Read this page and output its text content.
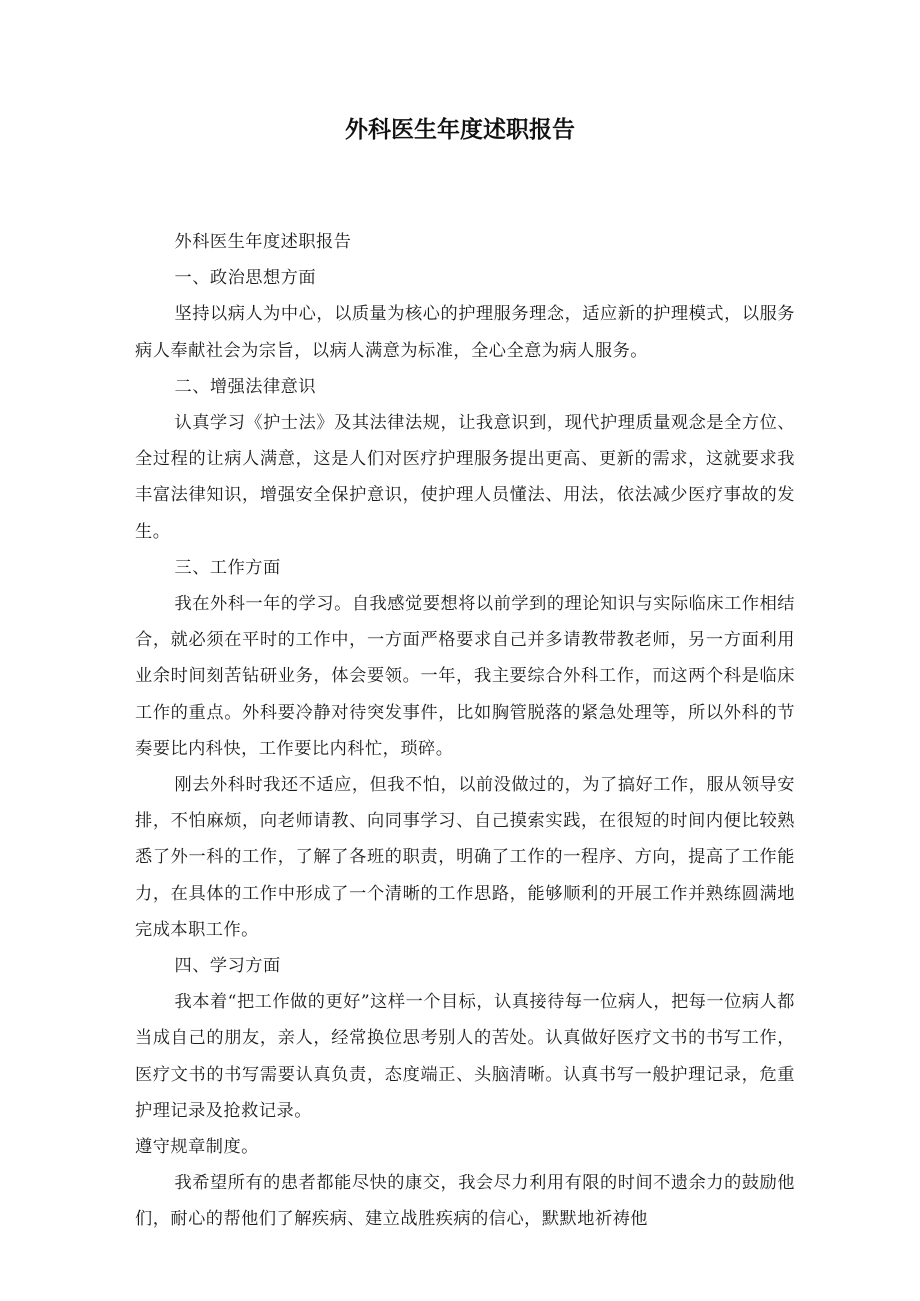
外科医生年度述职报告

外科医生年度述职报告

一、政治思想方面

坚持以病人为中心，以质量为核心的护理服务理念，适应新的护理模式，以服务病人奉献社会为宗旨，以病人满意为标准，全心全意为病人服务。

二、增强法律意识

认真学习《护士法》及其法律法规，让我意识到，现代护理质量观念是全方位、全过程的让病人满意，这是人们对医疗护理服务提出更高、更新的需求，这就要求我丰富法律知识，增强安全保护意识，使护理人员懂法、用法，依法减少医疗事故的发生。

三、工作方面

我在外科一年的学习。自我感觉要想将以前学到的理论知识与实际临床工作相结合，就必须在平时的工作中，一方面严格要求自己并多请教带教老师，另一方面利用业余时间刻苦钻研业务，体会要领。一年，我主要综合外科工作，而这两个科是临床工作的重点。外科要冷静对待突发事件，比如胸管脱落的紧急处理等，所以外科的节奏要比内科快，工作要比内科忙，琐碎。

刚去外科时我还不适应，但我不怕，以前没做过的，为了搞好工作，服从领导安排，不怕麻烦，向老师请教、向同事学习、自己摸索实践，在很短的时间内便比较熟悉了外一科的工作，了解了各班的职责，明确了工作的一程序、方向，提高了工作能力，在具体的工作中形成了一个清晰的工作思路，能够顺利的开展工作并熟练圆满地完成本职工作。

四、学习方面

我本着“把工作做的更好”这样一个目标，认真接待每一位病人，把每一位病人都当成自己的朋友，亲人，经常换位思考别人的苦处。认真做好医疗文书的书写工作，医疗文书的书写需要认真负责，态度端正、头脑清晰。认真书写一般护理记录，危重护理记录及抢救记录。

遵守规章制度。

我希望所有的患者都能尽快的康交，我会尽力利用有限的时间不遗余力的鼓励他们，耐心的帮他们了解疾病、建立战胜疾病的信心，默默地祈祷他
